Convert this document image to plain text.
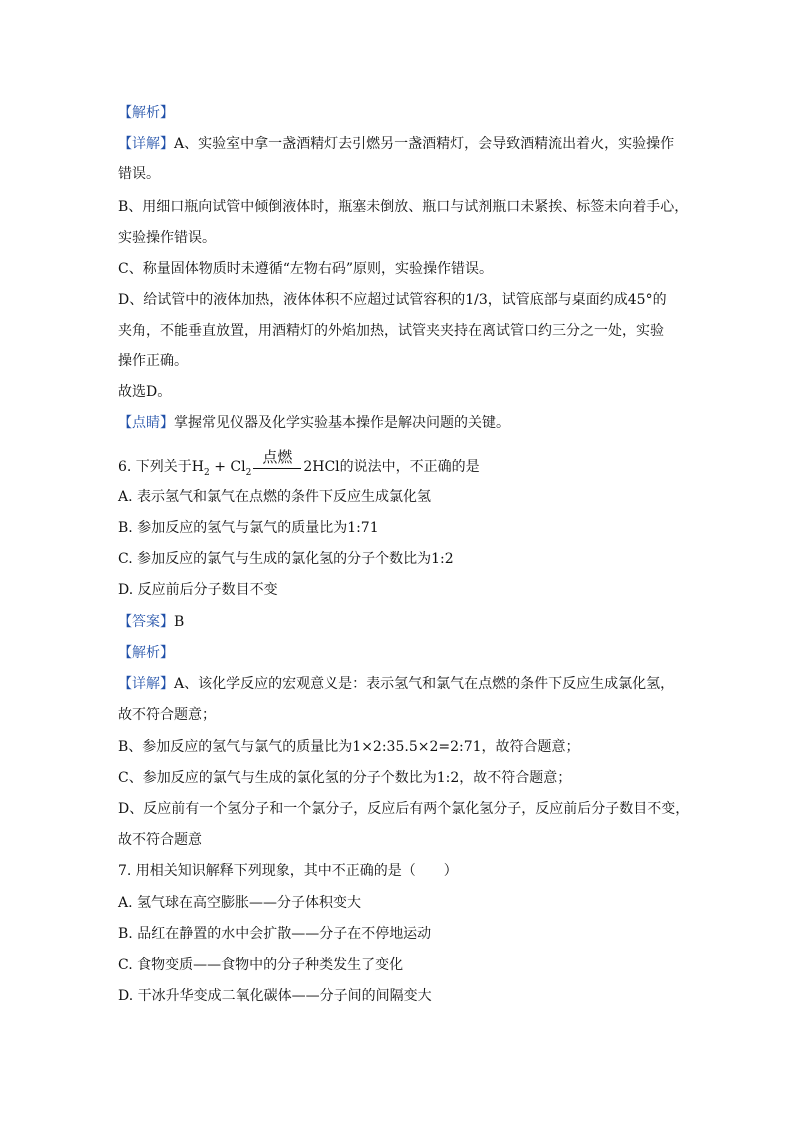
【解析】
【详解】A、实验室中拿一盏酒精灯去引燃另一盏酒精灯，会导致酒精流出着火，实验操作
错误。
B、用细口瓶向试管中倾倒液体时，瓶塞未倒放、瓶口与试剂瓶口未紧挨、标签未向着手心，
实验操作错误。
C、称量固体物质时未遵循“左物右码”原则，实验操作错误。
D、给试管中的液体加热，液体体积不应超过试管容积的1/3，试管底部与桌面约成45°的
夹角，不能垂直放置，用酒精灯的外焰加热，试管夹夹持在离试管口约三分之一处，实验
操作正确。
故选D。
【点睛】掌握常见仪器及化学实验基本操作是解决问题的关键。
6. 下列关于$H_2 + Cl_2$
点燃
2HCl的说法中，不正确的是
A. 表示氢气和氯气在点燃的条件下反应生成氯化氢
B. 参加反应的氢气与氯气的质量比为1:71
C. 参加反应的氯气与生成的氯化氢的分子个数比为1:2
D. 反应前后分子数目不变
【答案】B
【解析】
【详解】A、该化学反应的宏观意义是：表示氢气和氯气在点燃的条件下反应生成氯化氢，
故不符合题意；
B、参加反应的氢气与氯气的质量比为1×2:35.5×2=2:71，故符合题意；
C、参加反应的氯气与生成的氯化氢的分子个数比为1:2，故不符合题意；
D、反应前有一个氢分子和一个氯分子，反应后有两个氯化氢分子，反应前后分子数目不变，
故不符合题意
7. 用相关知识解释下列现象，其中不正确的是（　　）
A. 氢气球在高空膨胀——分子体积变大
B. 品红在静置的水中会扩散——分子在不停地运动
C. 食物变质——食物中的分子种类发生了变化
D. 干冰升华变成二氧化碳体——分子间的间隔变大
